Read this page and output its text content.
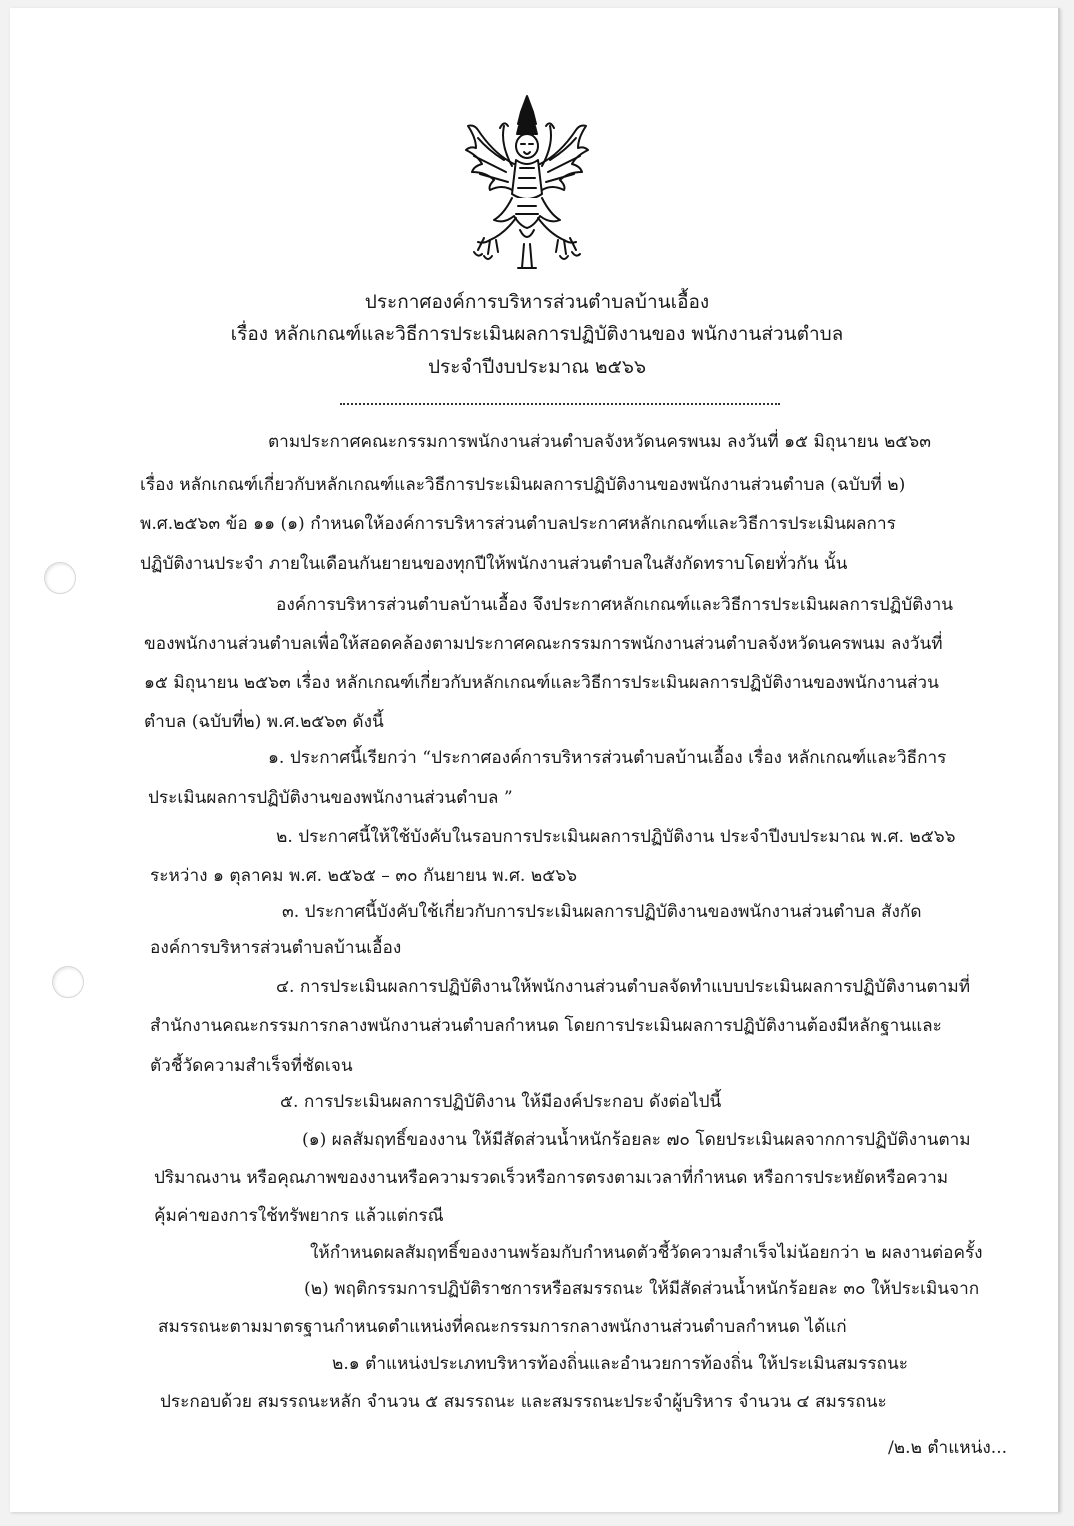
ประกาศองค์การบริหารส่วนตำบลบ้านเอื้อง
เรื่อง หลักเกณฑ์และวิธีการประเมินผลการปฏิบัติงานของ พนักงานส่วนตำบล
ประจำปีงบประมาณ ๒๕๖๖
ตามประกาศคณะกรรมการพนักงานส่วนตำบลจังหวัดนครพนม ลงวันที่ ๑๕ มิถุนายน ๒๕๖๓
เรื่อง หลักเกณฑ์เกี่ยวกับหลักเกณฑ์และวิธีการประเมินผลการปฏิบัติงานของพนักงานส่วนตำบล (ฉบับที่ ๒)
พ.ศ.๒๕๖๓ ข้อ ๑๑ (๑) กำหนดให้องค์การบริหารส่วนตำบลประกาศหลักเกณฑ์และวิธีการประเมินผลการ
ปฏิบัติงานประจำ ภายในเดือนกันยายนของทุกปีให้พนักงานส่วนตำบลในสังกัดทราบโดยทั่วกัน นั้น
องค์การบริหารส่วนตำบลบ้านเอื้อง จึงประกาศหลักเกณฑ์และวิธีการประเมินผลการปฏิบัติงาน
ของพนักงานส่วนตำบลเพื่อให้สอดคล้องตามประกาศคณะกรรมการพนักงานส่วนตำบลจังหวัดนครพนม ลงวันที่
๑๕ มิถุนายน ๒๕๖๓ เรื่อง หลักเกณฑ์เกี่ยวกับหลักเกณฑ์และวิธีการประเมินผลการปฏิบัติงานของพนักงานส่วน
ตำบล (ฉบับที่๒) พ.ศ.๒๕๖๓ ดังนี้
๑. ประกาศนี้เรียกว่า “ประกาศองค์การบริหารส่วนตำบลบ้านเอื้อง เรื่อง หลักเกณฑ์และวิธีการ
ประเมินผลการปฏิบัติงานของพนักงานส่วนตำบล ”
๒. ประกาศนี้ให้ใช้บังคับในรอบการประเมินผลการปฏิบัติงาน ประจำปีงบประมาณ พ.ศ. ๒๕๖๖
ระหว่าง ๑ ตุลาคม พ.ศ. ๒๕๖๕ – ๓๐ กันยายน พ.ศ. ๒๕๖๖
๓. ประกาศนี้บังคับใช้เกี่ยวกับการประเมินผลการปฏิบัติงานของพนักงานส่วนตำบล สังกัด
องค์การบริหารส่วนตำบลบ้านเอื้อง
๔. การประเมินผลการปฏิบัติงานให้พนักงานส่วนตำบลจัดทำแบบประเมินผลการปฏิบัติงานตามที่
สำนักงานคณะกรรมการกลางพนักงานส่วนตำบลกำหนด โดยการประเมินผลการปฏิบัติงานต้องมีหลักฐานและ
ตัวชี้วัดความสำเร็จที่ชัดเจน
๕. การประเมินผลการปฏิบัติงาน ให้มีองค์ประกอบ ดังต่อไปนี้
(๑) ผลสัมฤทธิ์ของงาน ให้มีสัดส่วนน้ำหนักร้อยละ ๗๐ โดยประเมินผลจากการปฏิบัติงานตาม
ปริมาณงาน หรือคุณภาพของงานหรือความรวดเร็วหรือการตรงตามเวลาที่กำหนด หรือการประหยัดหรือความ
คุ้มค่าของการใช้ทรัพยากร แล้วแต่กรณี
ให้กำหนดผลสัมฤทธิ์ของงานพร้อมกับกำหนดตัวชี้วัดความสำเร็จไม่น้อยกว่า ๒ ผลงานต่อครั้ง
(๒) พฤติกรรมการปฏิบัติราชการหรือสมรรถนะ ให้มีสัดส่วนน้ำหนักร้อยละ ๓๐ ให้ประเมินจาก
สมรรถนะตามมาตรฐานกำหนดตำแหน่งที่คณะกรรมการกลางพนักงานส่วนตำบลกำหนด ได้แก่
๒.๑ ตำแหน่งประเภทบริหารท้องถิ่นและอำนวยการท้องถิ่น ให้ประเมินสมรรถนะ
ประกอบด้วย สมรรถนะหลัก จำนวน ๕ สมรรถนะ และสมรรถนะประจำผู้บริหาร จำนวน ๔ สมรรถนะ
/๒.๒ ตำแหน่ง...
